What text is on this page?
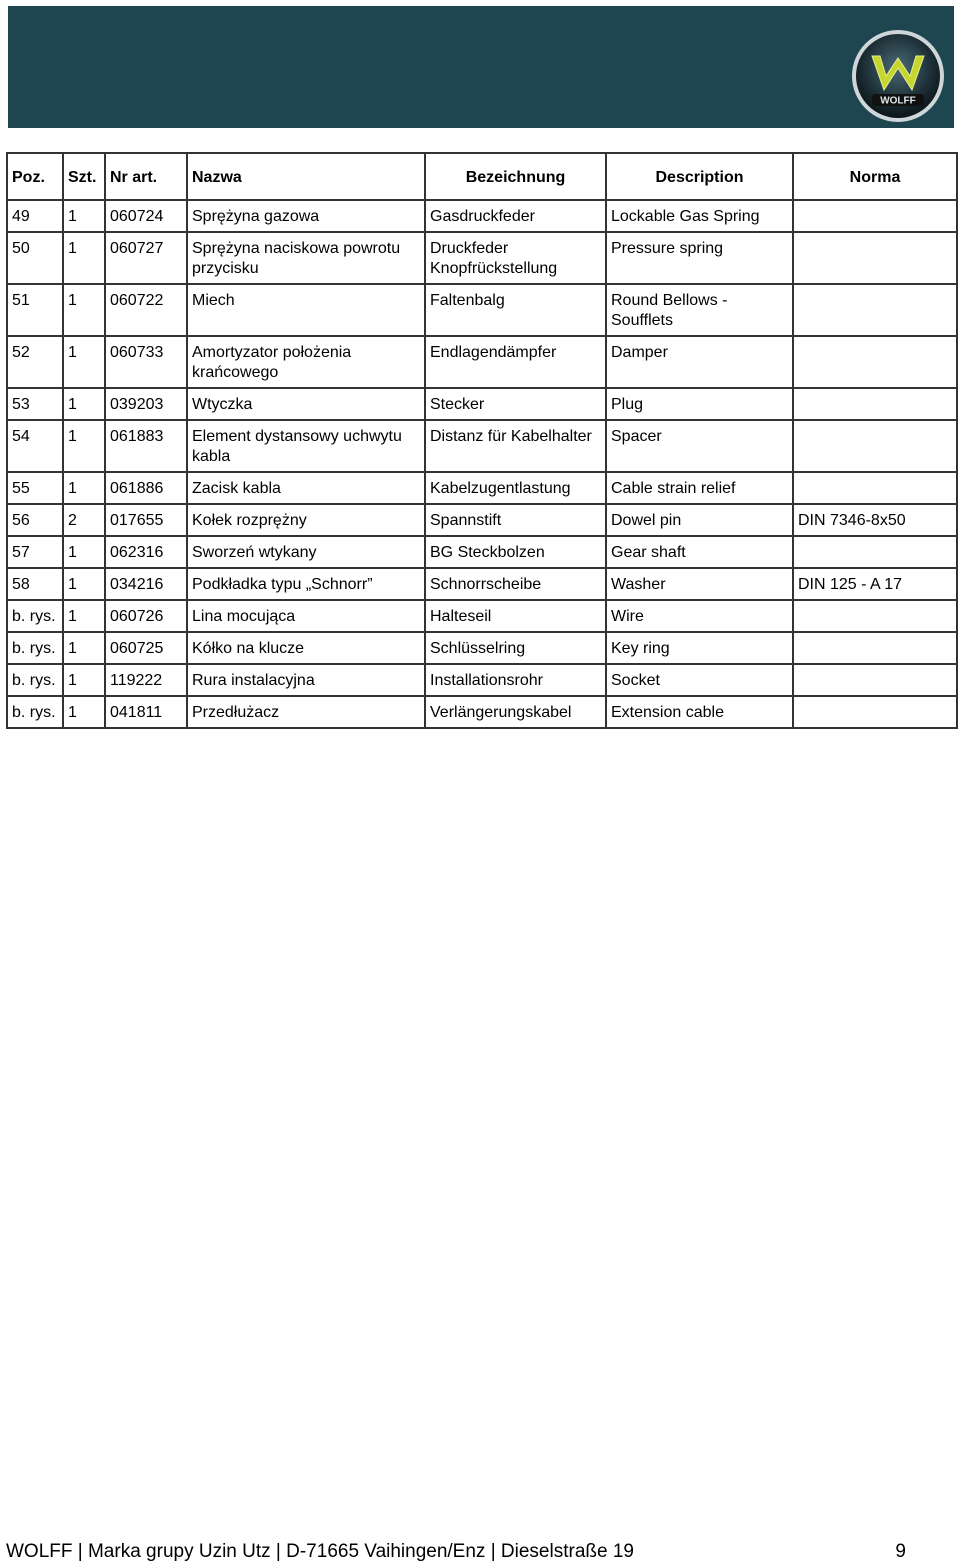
WOLFF
Poz.	Szt.	Nr art.	Nazwa	Bezeichnung	Description	Norma
49	1	060724	Sprężyna gazowa	Gasdruckfeder	Lockable Gas Spring	
50	1	060727	Sprężyna naciskowa powrotu przycisku	Druckfeder Knopfrückstellung	Pressure spring	
51	1	060722	Miech	Faltenbalg	Round Bellows - Soufflets	
52	1	060733	Amortyzator położenia krańcowego	Endlagendämpfer	Damper	
53	1	039203	Wtyczka	Stecker	Plug	
54	1	061883	Element dystansowy uchwytu kabla	Distanz für Kabelhalter	Spacer	
55	1	061886	Zacisk kabla	Kabelzugentlastung	Cable strain relief	
56	2	017655	Kołek rozprężny	Spannstift	Dowel pin	DIN 7346-8x50
57	1	062316	Sworzeń wtykany	BG Steckbolzen	Gear shaft	
58	1	034216	Podkładka typu „Schnorr”	Schnorrscheibe	Washer	DIN 125 - A 17
b. rys.	1	060726	Lina mocująca	Halteseil	Wire	
b. rys.	1	060725	Kółko na klucze	Schlüsselring	Key ring	
b. rys.	1	119222	Rura instalacyjna	Installationsrohr	Socket	
b. rys.	1	041811	Przedłużacz	Verlängerungskabel	Extension cable	
WOLFF | Marka grupy Uzin Utz | D-71665 Vaihingen/Enz | Dieselstraße 19	9
